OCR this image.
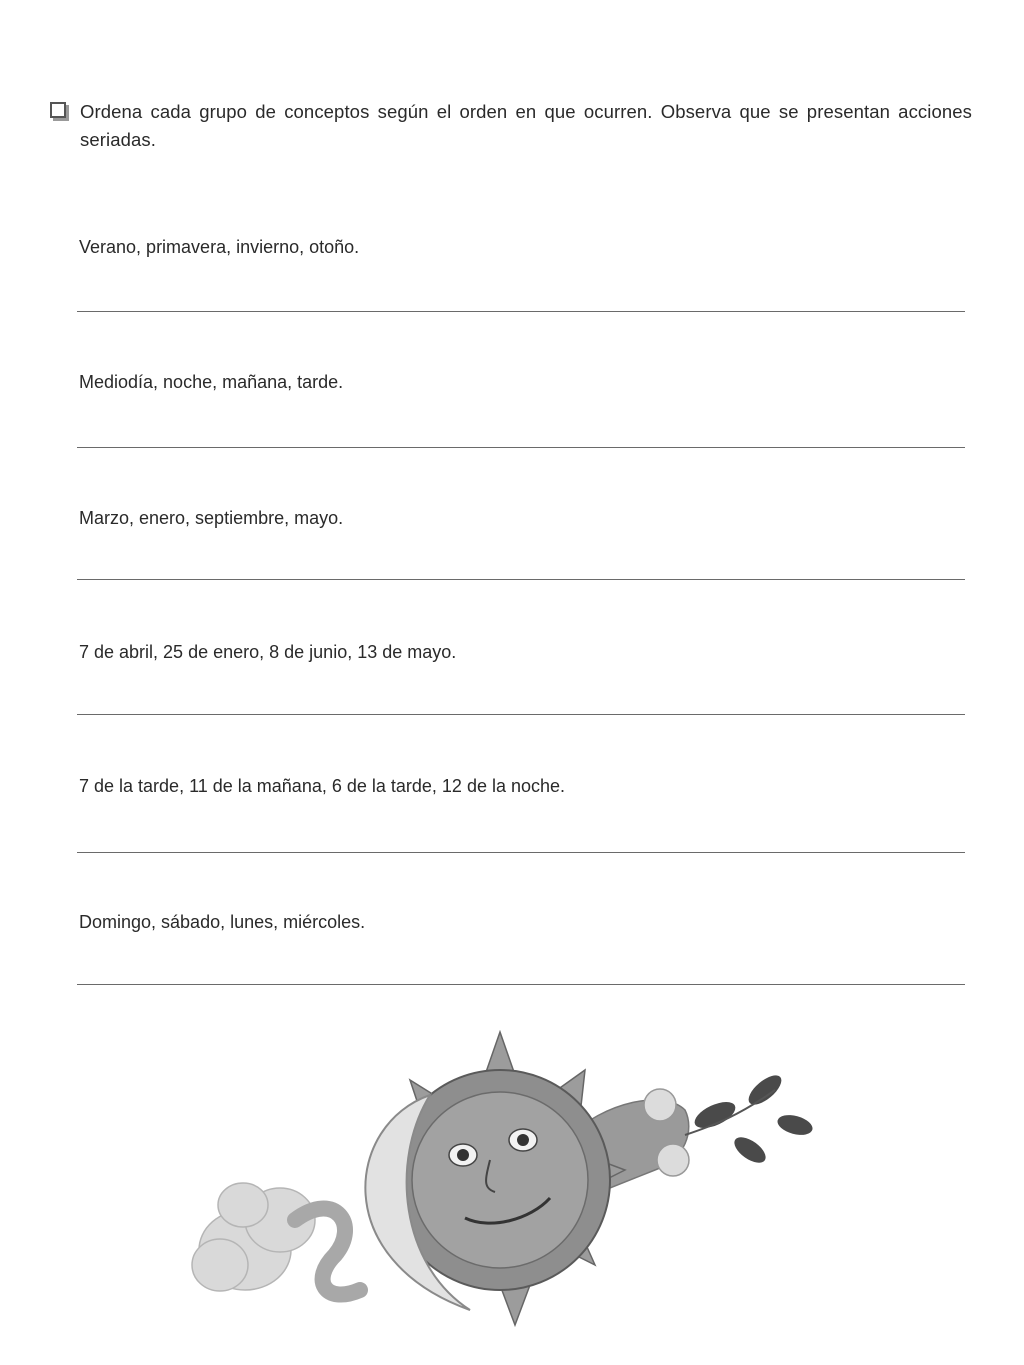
Ordena cada grupo de conceptos según el orden en que ocurren. Observa que se presentan acciones seriadas.
Verano, primavera, invierno, otoño.
Mediodía, noche, mañana, tarde.
Marzo, enero, septiembre, mayo.
7 de abril, 25 de enero, 8 de junio, 13 de mayo.
7 de la tarde, 11 de la mañana, 6 de la tarde, 12 de la noche.
Domingo, sábado, lunes, miércoles.
